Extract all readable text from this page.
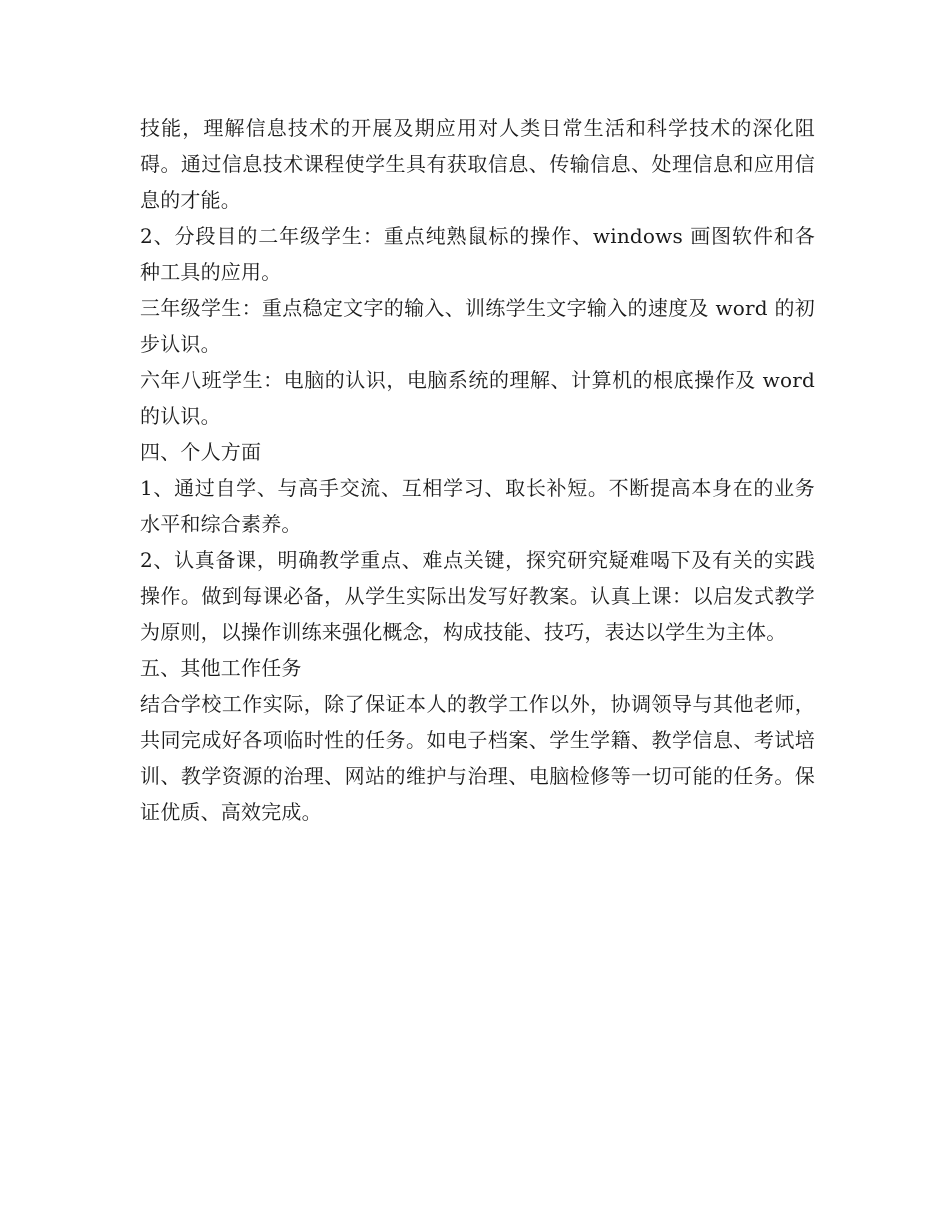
技能，理解信息技术的开展及期应用对人类日常生活和科学技术的深化阻碍。通过信息技术课程使学生具有获取信息、传输信息、处理信息和应用信息的才能。

2、分段目的二年级学生：重点纯熟鼠标的操作、windows 画图软件和各种工具的应用。

三年级学生：重点稳定文字的输入、训练学生文字输入的速度及 word 的初步认识。

六年八班学生：电脑的认识，电脑系统的理解、计算机的根底操作及 word 的认识。

四、个人方面

1、通过自学、与高手交流、互相学习、取长补短。不断提高本身在的业务水平和综合素养。

2、认真备课，明确教学重点、难点关键，探究研究疑难喝下及有关的实践操作。做到每课必备，从学生实际出发写好教案。认真上课：以启发式教学为原则，以操作训练来强化概念，构成技能、技巧，表达以学生为主体。

五、其他工作任务

结合学校工作实际，除了保证本人的教学工作以外，协调领导与其他老师，共同完成好各项临时性的任务。如电子档案、学生学籍、教学信息、考试培训、教学资源的治理、网站的维护与治理、电脑检修等一切可能的任务。保证优质、高效完成。
